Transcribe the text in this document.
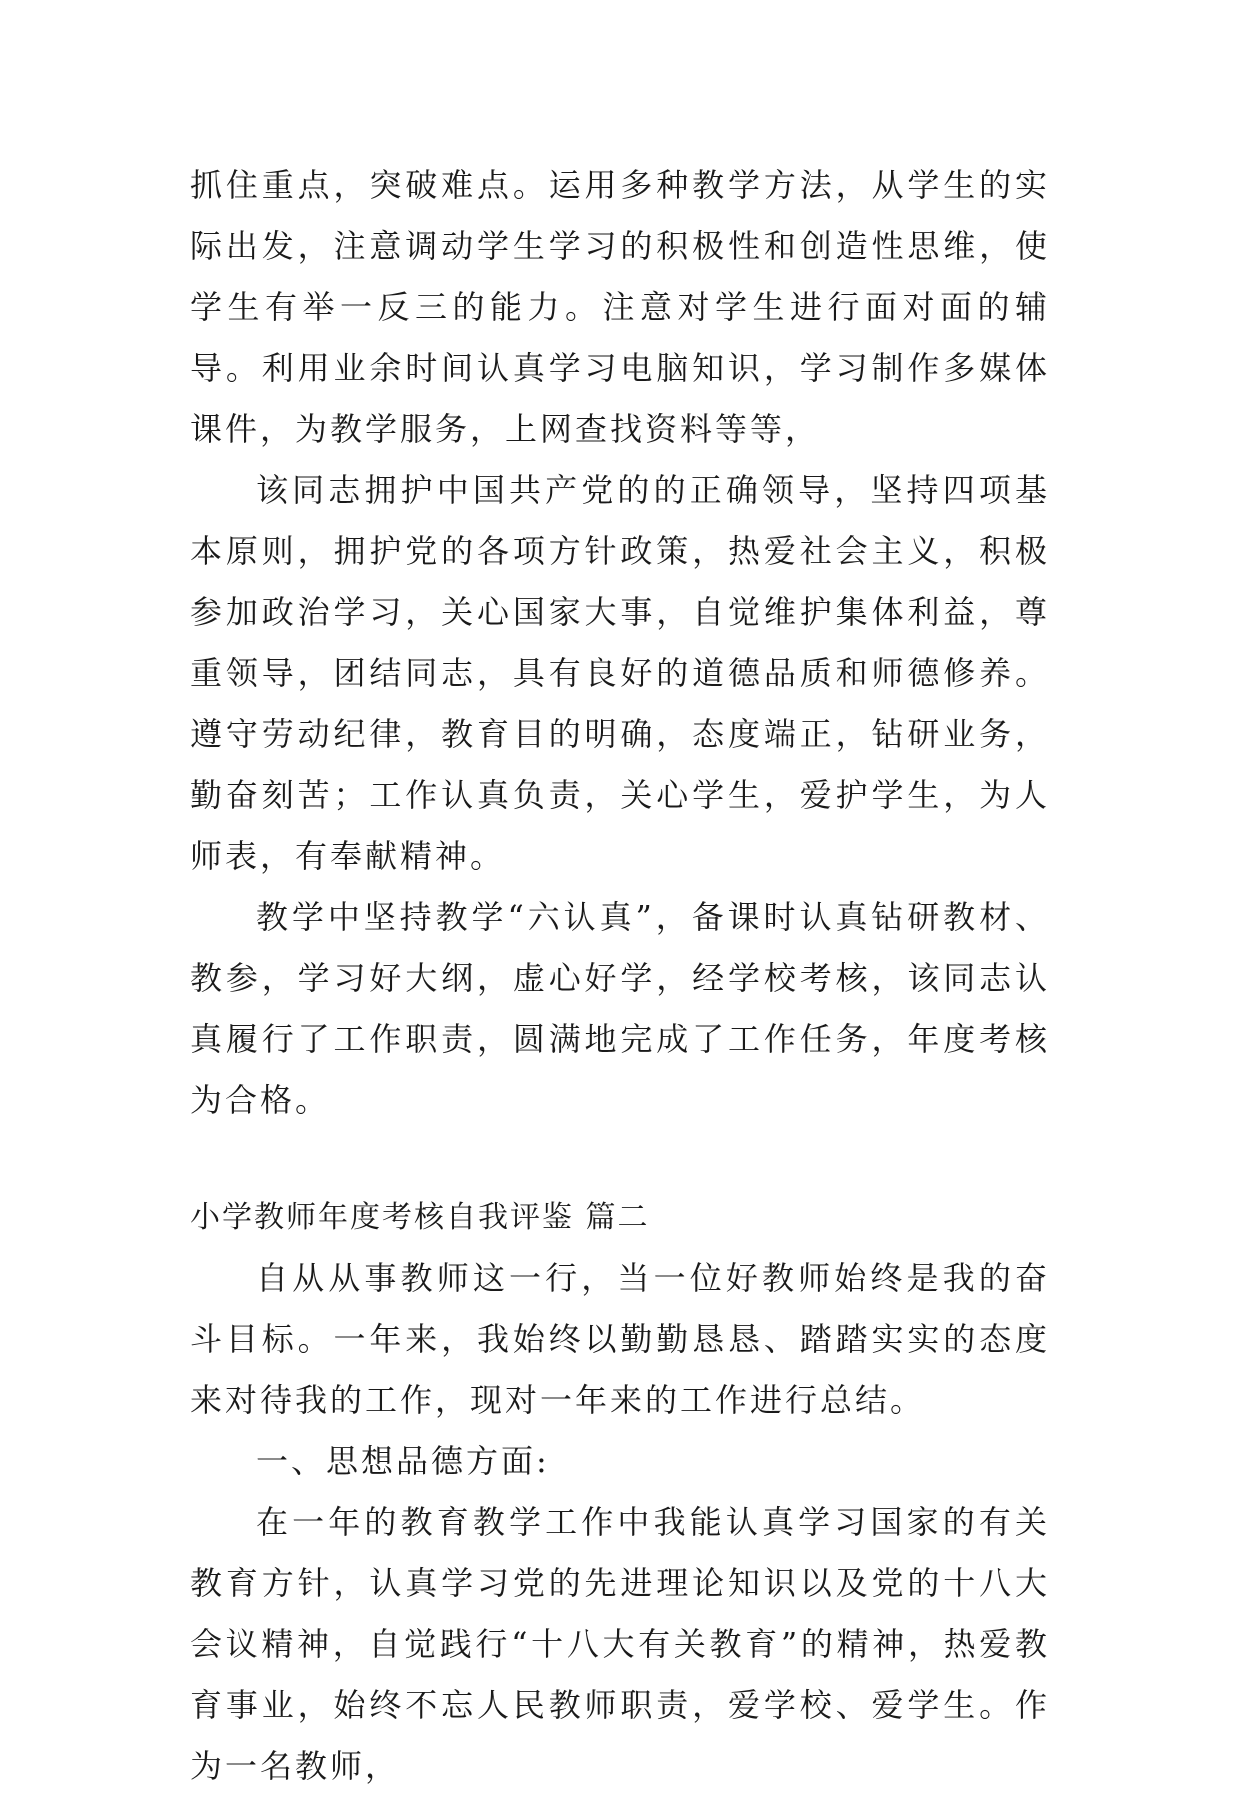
抓住重点，突破难点。运用多种教学方法，从学生的实际出发，注意调动学生学习的积极性和创造性思维，使学生有举一反三的能力。注意对学生进行面对面的辅导。利用业余时间认真学习电脑知识，学习制作多媒体课件，为教学服务，上网查找资料等等，

该同志拥护中国共产党的的正确领导，坚持四项基本原则，拥护党的各项方针政策，热爱社会主义，积极参加政治学习，关心国家大事，自觉维护集体利益，尊重领导，团结同志，具有良好的道德品质和师德修养。遵守劳动纪律，教育目的明确，态度端正，钻研业务，勤奋刻苦；工作认真负责，关心学生，爱护学生，为人师表，有奉献精神。

教学中坚持教学“六认真”，备课时认真钻研教材、教参，学习好大纲，虚心好学，经学校考核，该同志认真履行了工作职责，圆满地完成了工作任务，年度考核为合格。

小学教师年度考核自我评鉴 篇二

自从从事教师这一行，当一位好教师始终是我的奋斗目标。一年来，我始终以勤勤恳恳、踏踏实实的态度来对待我的工作，现对一年来的工作进行总结。

一、思想品德方面:

在一年的教育教学工作中我能认真学习国家的有关教育方针，认真学习党的先进理论知识以及党的十八大会议精神，自觉践行“十八大有关教育”的精神，热爱教育事业，始终不忘人民教师职责，爱学校、爱学生。作为一名教师，
